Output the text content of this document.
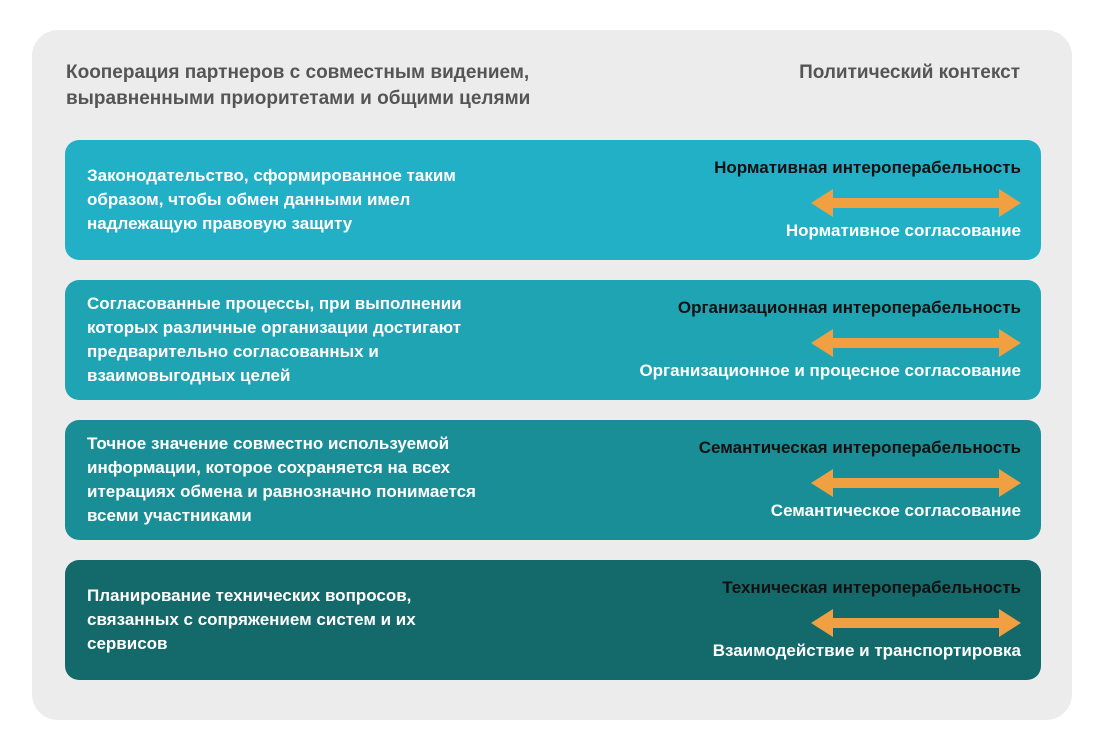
Кооперация партнеров с совместным видением,
выравненными приоритетами и общими целями
Политический контекст
Законодательство, сформированное таким образом, чтобы обмен данными имел надлежащую правовую защиту
Нормативная интероперабельность
Нормативное согласование
Согласованные процессы, при выполнении которых различные организации достигают предварительно согласованных и взаимовыгодных целей
Организационная интероперабельность
Организационное и процесное согласование
Точное значение совместно используемой информации, которое сохраняется на всех итерациях обмена и равнозначно понимается всеми участниками
Семантическая интероперабельность
Семантическое согласование
Планирование технических вопросов, связанных с сопряжением систем и их сервисов
Техническая интероперабельность
Взаимодействие и транспортировка
